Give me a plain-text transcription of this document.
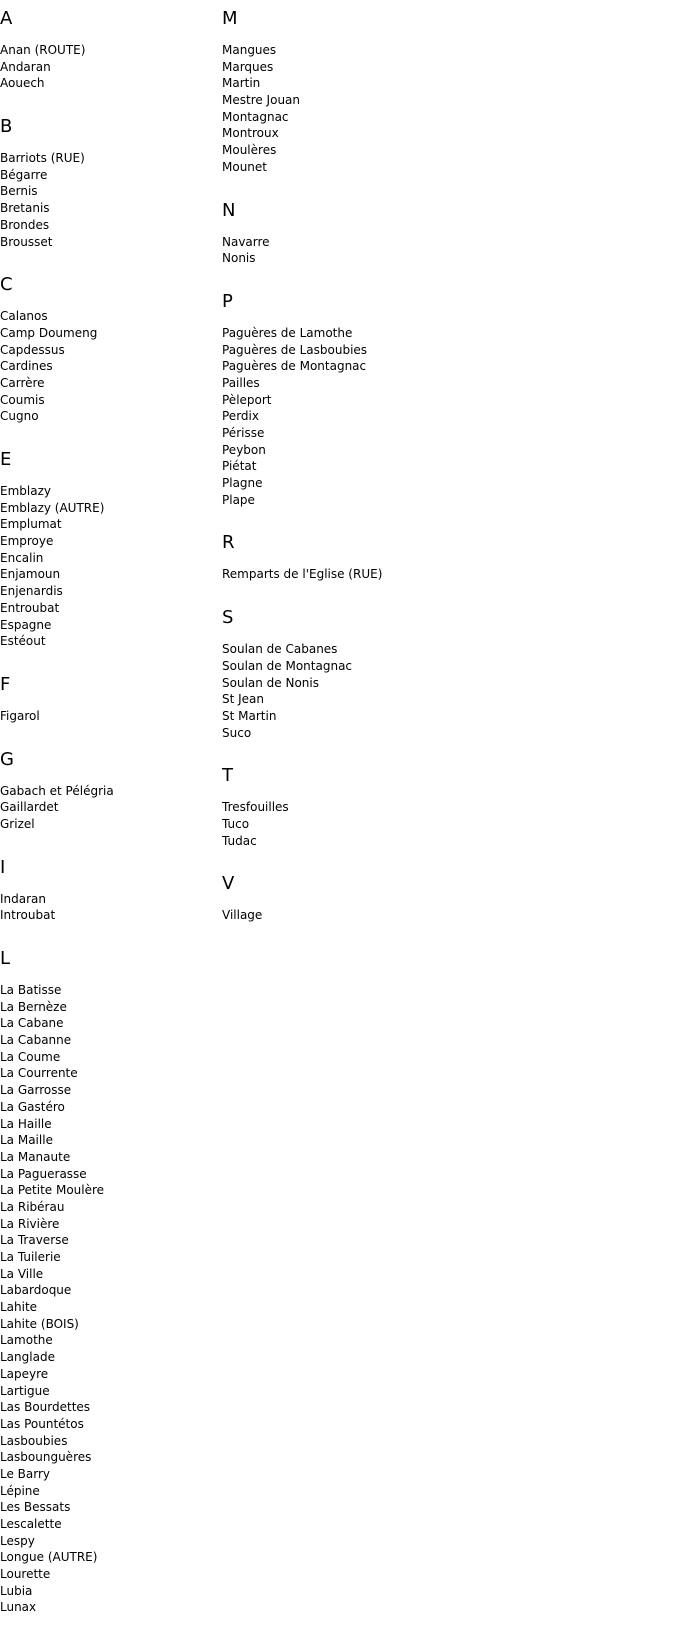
A
Anan (ROUTE)
Andaran
Aouech
B
Barriots (RUE)
Bégarre
Bernis
Bretanis
Brondes
Brousset
C
Calanos
Camp Doumeng
Capdessus
Cardines
Carrère
Coumis
Cugno
E
Emblazy
Emblazy (AUTRE)
Emplumat
Emproye
Encalin
Enjamoun
Enjenardis
Entroubat
Espagne
Estéout
F
Figarol
G
Gabach et Pélégria
Gaillardet
Grizel
I
Indaran
Introubat
L
La Batisse
La Bernèze
La Cabane
La Cabanne
La Coume
La Courrente
La Garrosse
La Gastéro
La Haille
La Maille
La Manaute
La Paguerasse
La Petite Moulère
La Ribérau
La Rivière
La Traverse
La Tuilerie
La Ville
Labardoque
Lahite
Lahite (BOIS)
Lamothe
Langlade
Lapeyre
Lartigue
Las Bourdettes
Las Pountétos
Lasboubies
Lasbounguères
Le Barry
Lépine
Les Bessats
Lescalette
Lespy
Longue (AUTRE)
Lourette
Lubia
Lunax
M
Mangues
Marques
Martin
Mestre Jouan
Montagnac
Montroux
Moulères
Mounet
N
Navarre
Nonis
P
Paguères de Lamothe
Paguères de Lasboubies
Paguères de Montagnac
Pailles
Pèleport
Perdix
Périsse
Peybon
Piétat
Plagne
Plape
R
Remparts de l'Eglise (RUE)
S
Soulan de Cabanes
Soulan de Montagnac
Soulan de Nonis
St Jean
St Martin
Suco
T
Tresfouilles
Tuco
Tudac
V
Village
